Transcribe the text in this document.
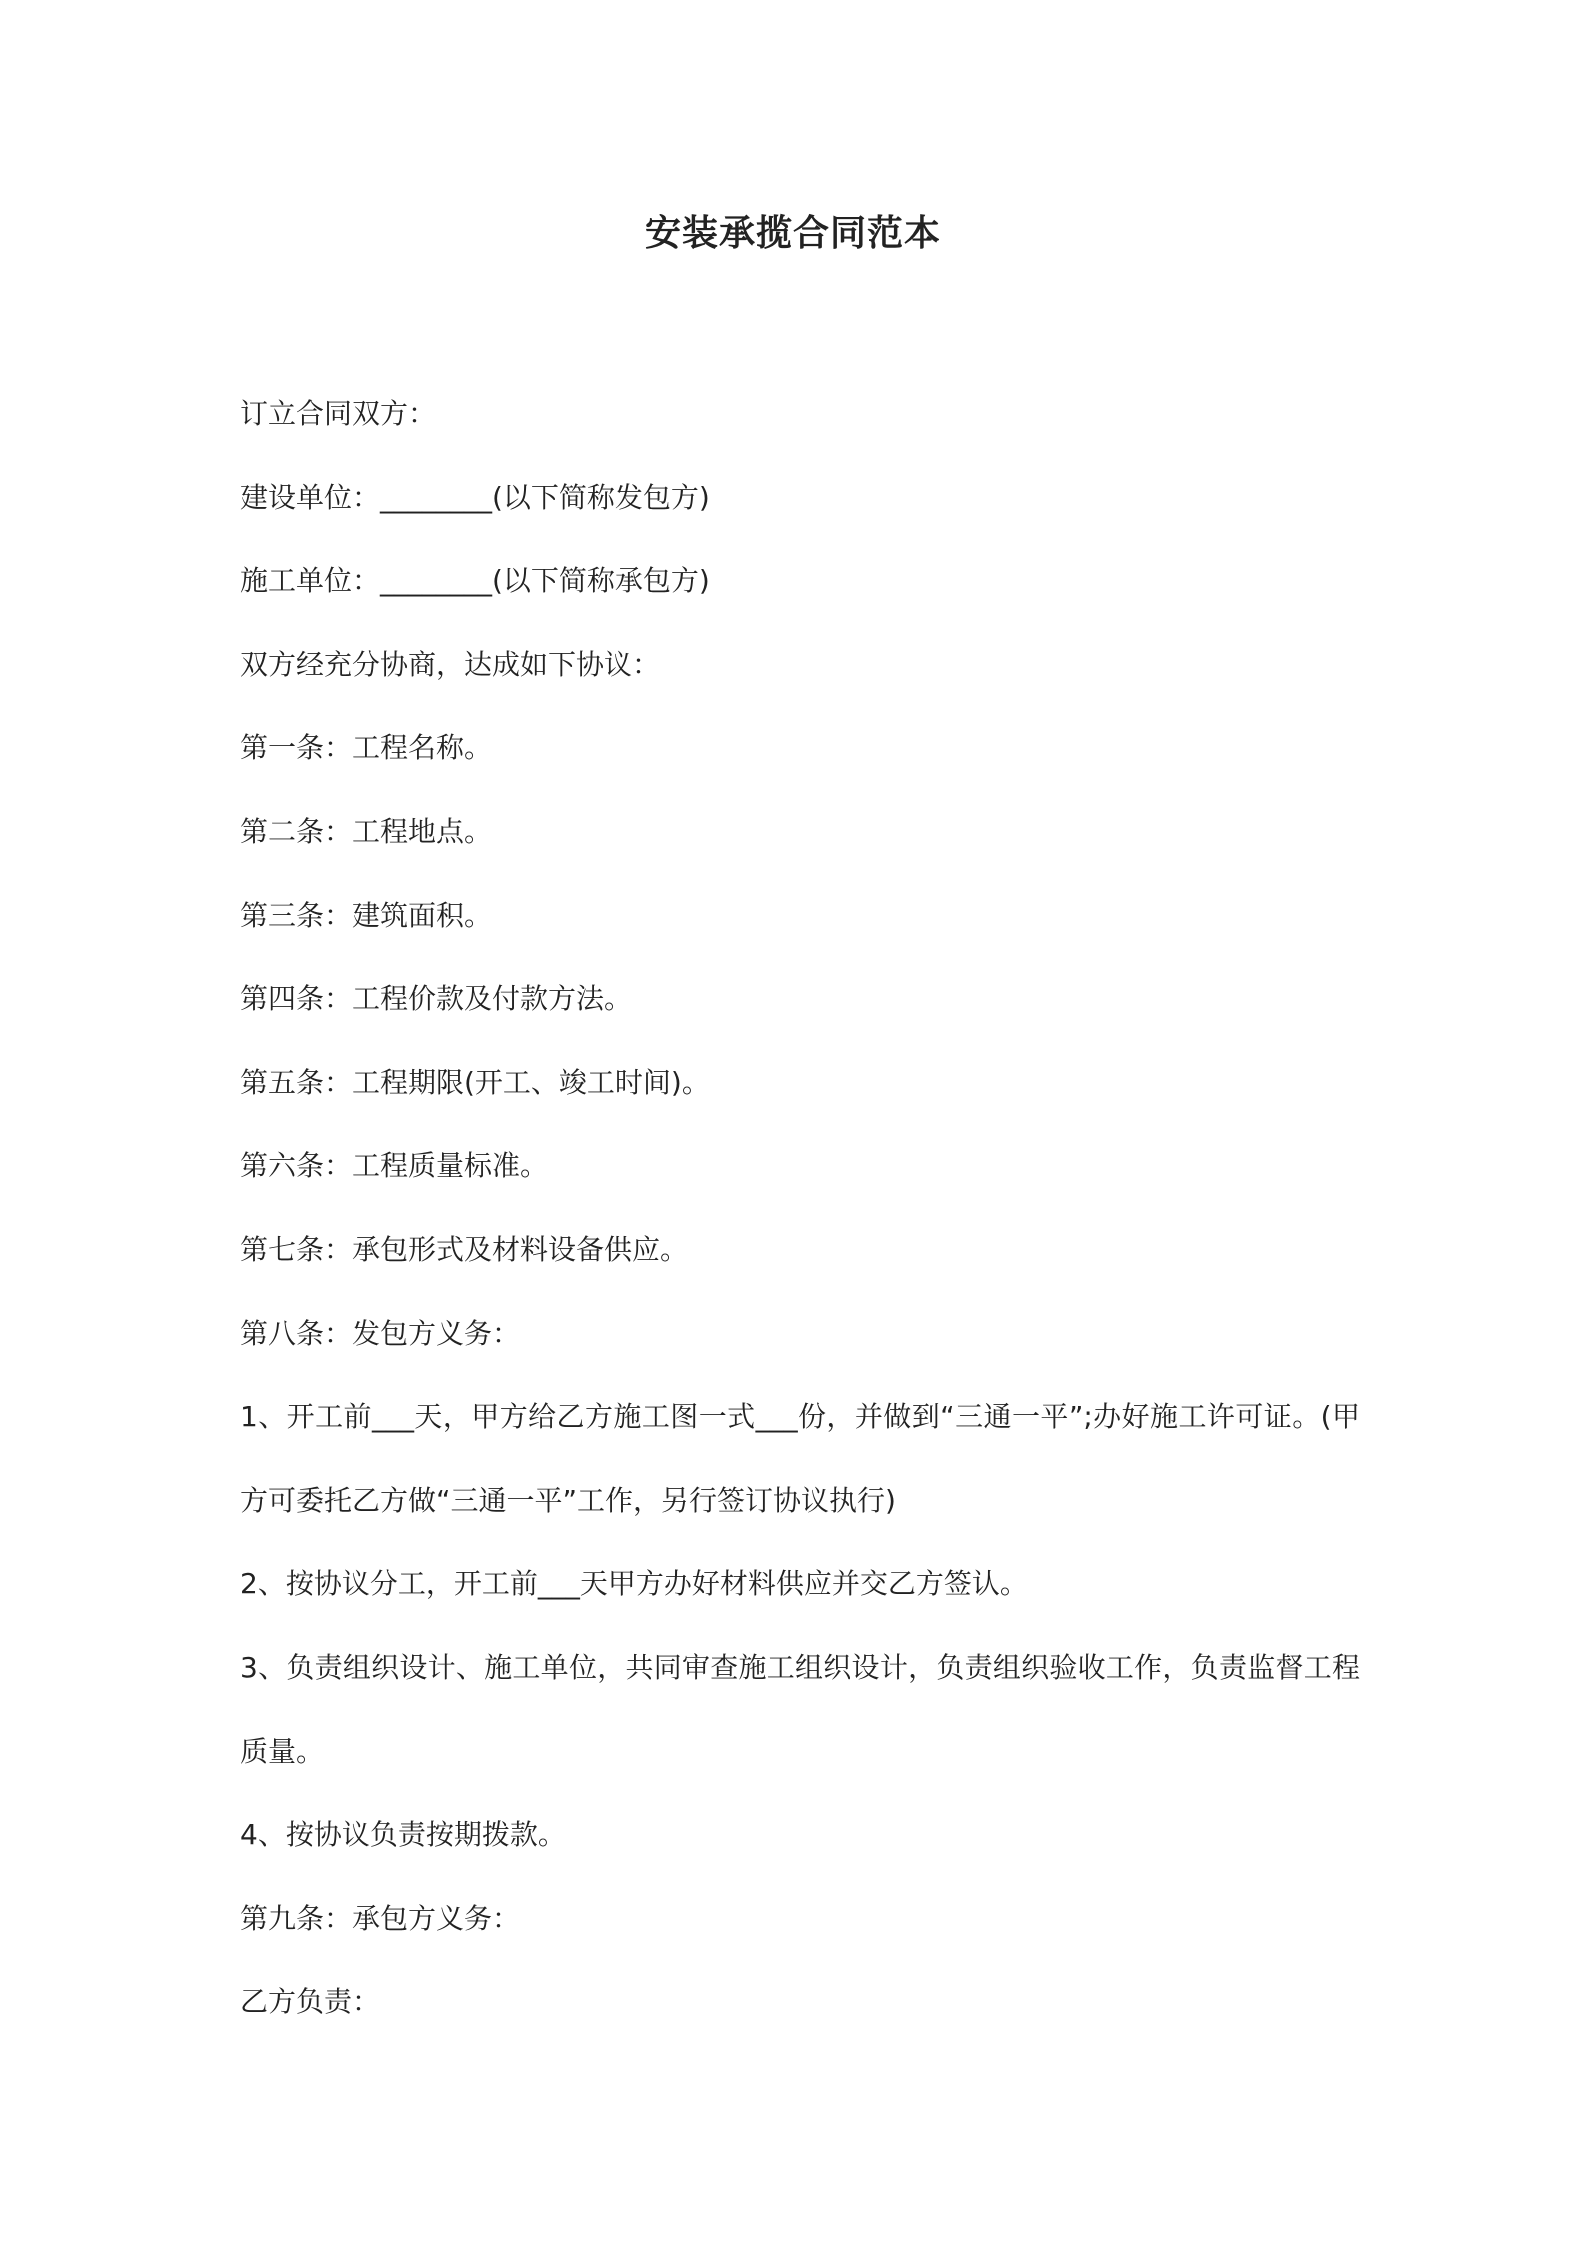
安装承揽合同范本

订立合同双方：

建设单位：________(以下简称发包方)

施工单位：________(以下简称承包方)

双方经充分协商，达成如下协议：

第一条：工程名称。

第二条：工程地点。

第三条：建筑面积。

第四条：工程价款及付款方法。

第五条：工程期限(开工、竣工时间)。

第六条：工程质量标准。

第七条：承包形式及材料设备供应。

第八条：发包方义务：

1、开工前___天，甲方给乙方施工图一式___份，并做到“三通一平”;办好施工许可证。(甲方可委托乙方做“三通一平”工作，另行签订协议执行)

2、按协议分工，开工前___天甲方办好材料供应并交乙方签认。

3、负责组织设计、施工单位，共同审查施工组织设计，负责组织验收工作，负责监督工程质量。

4、按协议负责按期拨款。

第九条：承包方义务：

乙方负责：
